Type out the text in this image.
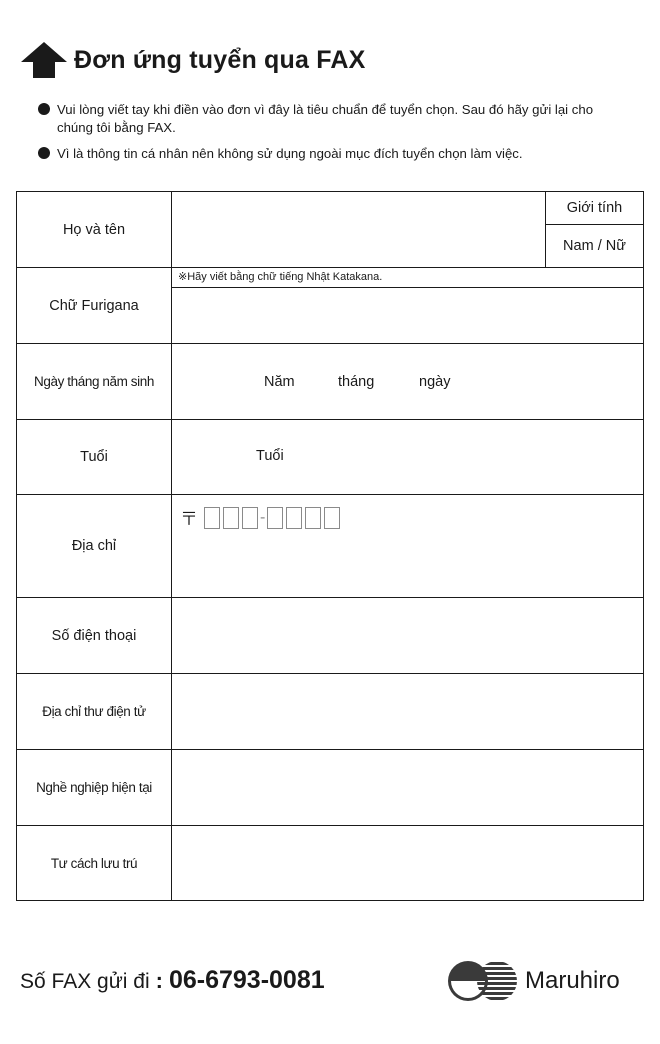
Đơn ứng tuyển qua FAX
Vui lòng viết tay khi điền vào đơn vì đây là tiêu chuẩn để tuyển chọn. Sau đó hãy gửi lại cho chúng tôi bằng FAX.
Vì là thông tin cá nhân nên không sử dụng ngoài mục đích tuyển chọn làm việc.
Họ và tên	Giới tính
Nam / Nữ

Chữ Furigana	※Hãy viết bằng chữ tiếng Nhật Katakana.

Ngày tháng năm sinh	Năm tháng ngày

Tuổi	Tuổi

Địa chỉ	〒 -

Số điện thoại	
Địa chỉ thư điện tử	
Nghề nghiệp hiện tại	
Tư cách lưu trú	
Số FAX gửi đi : 06-6793-0081	Maruhiro
